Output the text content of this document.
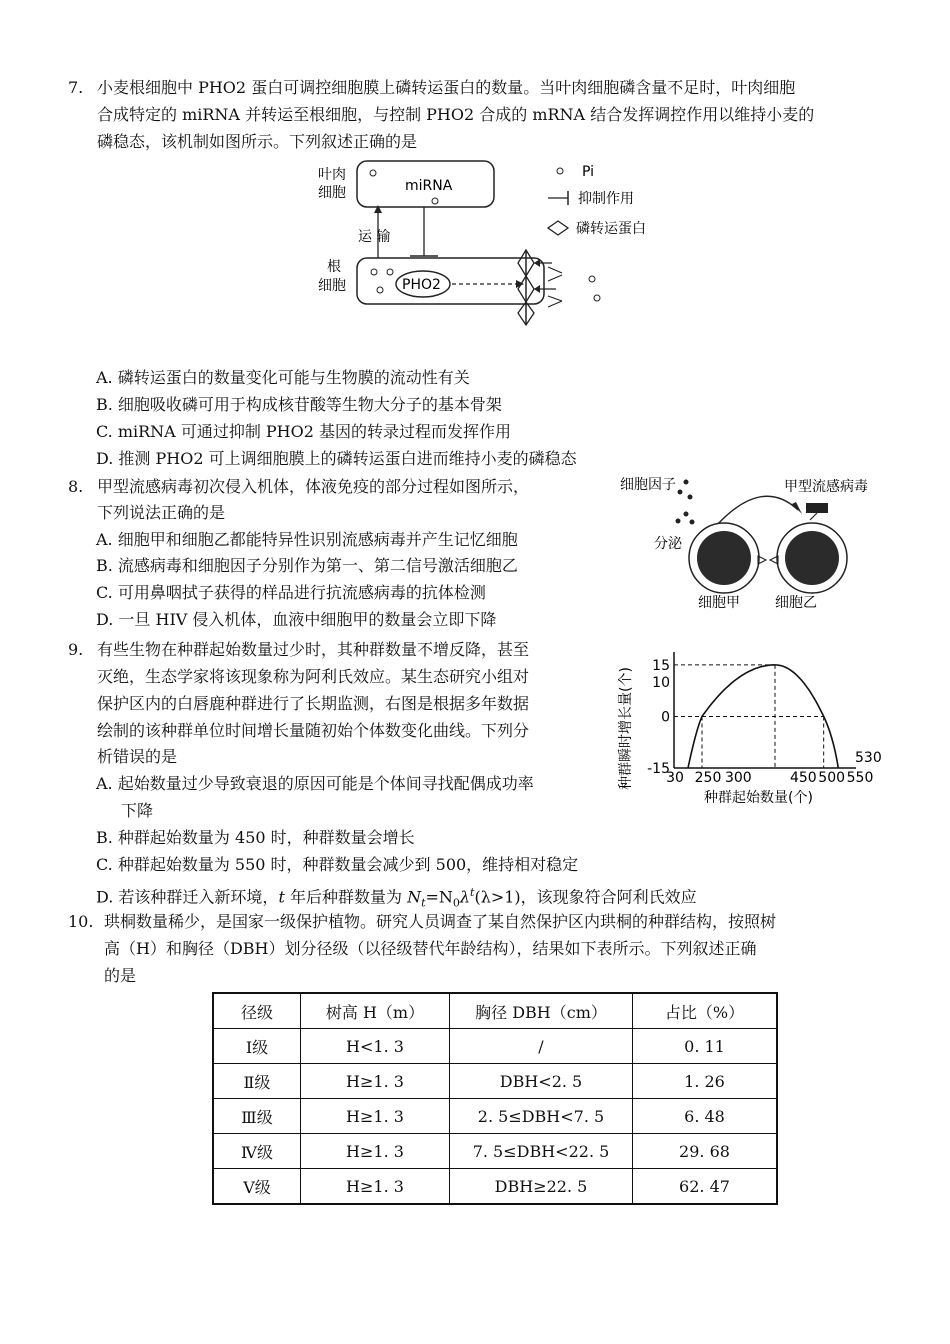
7. 小麦根细胞中 PHO2 蛋白可调控细胞膜上磷转运蛋白的数量。当叶肉细胞磷含量不足时，叶肉细胞
合成特定的 miRNA 并转运至根细胞，与控制 PHO2 合成的 mRNA 结合发挥调控作用以维持小麦的
磷稳态，该机制如图所示。下列叙述正确的是
叶肉
细胞	miRNA
运 输
根
细胞	PHO2
Pi
抑制作用
磷转运蛋白
A. 磷转运蛋白的数量变化可能与生物膜的流动性有关
B. 细胞吸收磷可用于构成核苷酸等生物大分子的基本骨架
C. miRNA 可通过抑制 PHO2 基因的转录过程而发挥作用
D. 推测 PHO2 可上调细胞膜上的磷转运蛋白进而维持小麦的磷稳态
8. 甲型流感病毒初次侵入机体，体液免疫的部分过程如图所示，
下列说法正确的是
A. 细胞甲和细胞乙都能特异性识别流感病毒并产生记忆细胞
B. 流感病毒和细胞因子分别作为第一、第二信号激活细胞乙
C. 可用鼻咽拭子获得的样品进行抗流感病毒的抗体检测
D. 一旦 HIV 侵入机体，血液中细胞甲的数量会立即下降
细胞因子	甲型流感病毒
分泌
细胞甲	细胞乙
9. 有些生物在种群起始数量过少时，其种群数量不增反降，甚至
灭绝，生态学家将该现象称为阿利氏效应。某生态研究小组对
保护区内的白唇鹿种群进行了长期监测，右图是根据多年数据
绘制的该种群单位时间增长量随初始个体数变化曲线。下列分
析错误的是
A. 起始数量过少导致衰退的原因可能是个体间寻找配偶成功率
下降
B. 种群起始数量为 450 时，种群数量会增长
C. 种群起始数量为 550 时，种群数量会减少到 500，维持相对稳定
D. 若该种群迁入新环境，t 年后种群数量为 $N_t=N_0\lambda^t(\lambda>1)$，该现象符合阿利氏效应
30 250 300	450 500 550
15
10
0
-15
种群瞬时增长量(个)
种群起始数量(个)
530
10. 珙桐数量稀少，是国家一级保护植物。研究人员调查了某自然保护区内珙桐的种群结构，按照树
高（H）和胸径（DBH）划分径级（以径级替代年龄结构），结果如下表所示。下列叙述正确
的是
径级	树高 H（m）	胸径 DBH（cm）	占比（%）
Ⅰ级	H<1. 3	/	0. 11
Ⅱ级	H≥1. 3	DBH<2. 5	1. 26
Ⅲ级	H≥1. 3	2. 5≤DBH<7. 5	6. 48
Ⅳ级	H≥1. 3	7. 5≤DBH<22. 5	29. 68
Ⅴ级	H≥1. 3	DBH≥22. 5	62. 47
